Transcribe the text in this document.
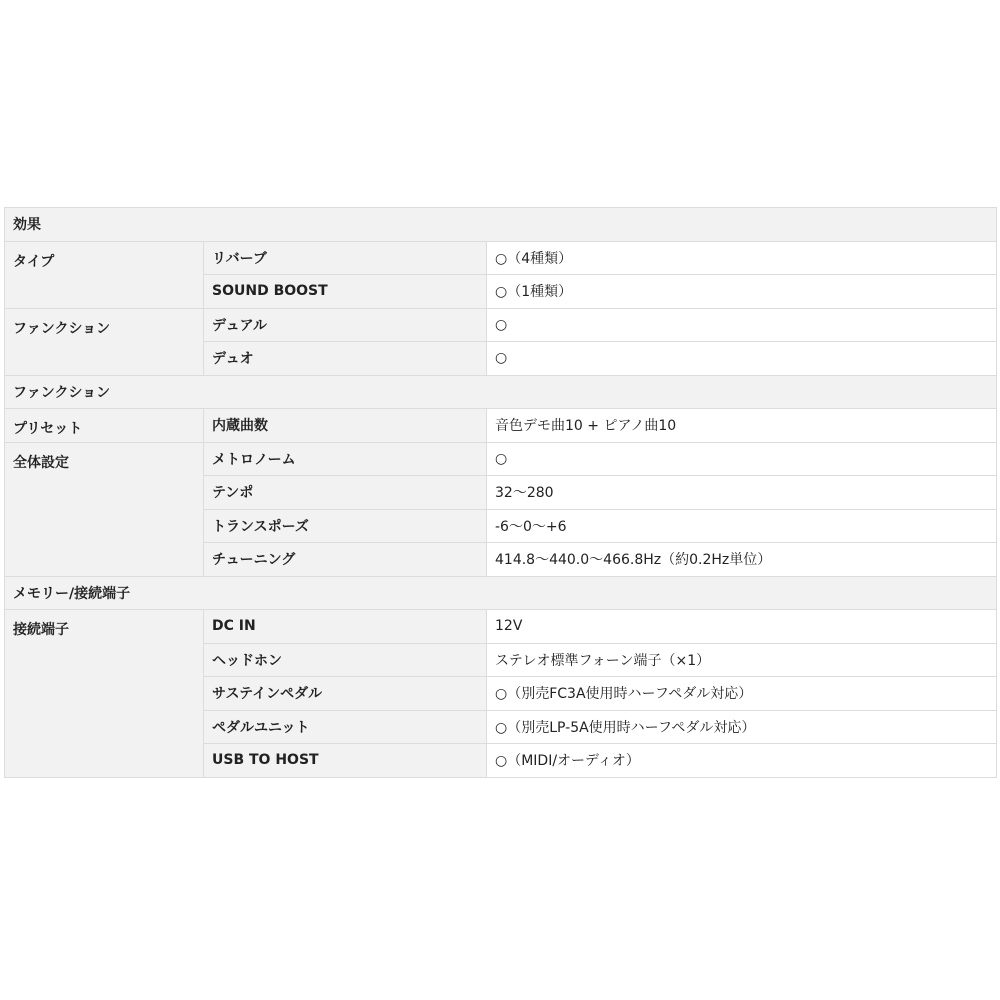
効果		
タイプ	リバーブ	○（4種類）
	SOUND BOOST	○（1種類）
ファンクション	デュアル	○
	デュオ	○
ファンクション		
プリセット	内蔵曲数	音色デモ曲10 + ピアノ曲10
全体設定	メトロノーム	○
	テンポ	32〜280
	トランスポーズ	-6〜0〜+6
	チューニング	414.8〜440.0〜466.8Hz（約0.2Hz単位）
メモリー/接続端子		
接続端子	DC IN	12V
	ヘッドホン	ステレオ標準フォーン端子（×1）
	サステインペダル	○（別売FC3A使用時ハーフペダル対応）
	ペダルユニット	○（別売LP-5A使用時ハーフペダル対応）
	USB TO HOST	○（MIDI/オーディオ）
